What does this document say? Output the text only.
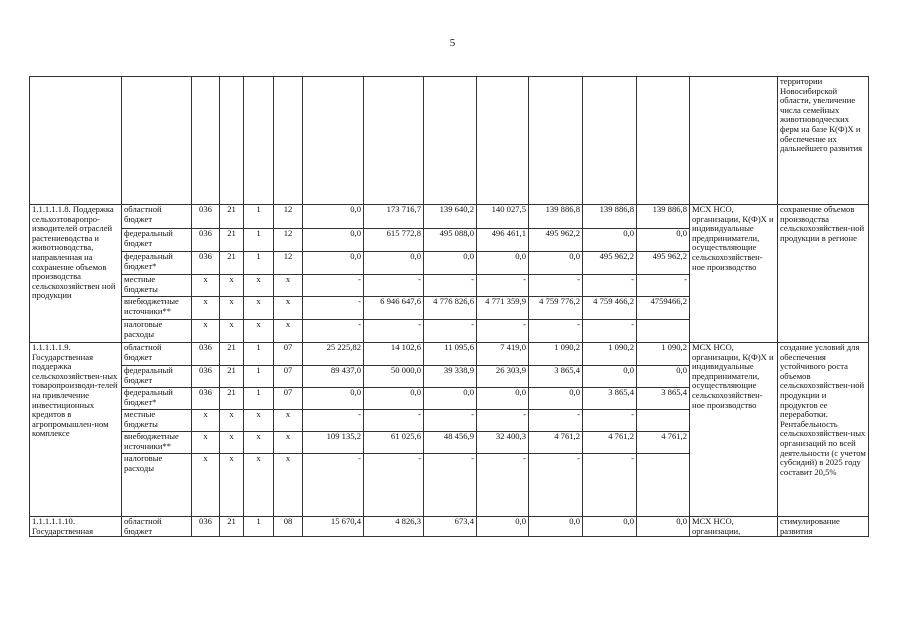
5
														территории Новосибирской области, увеличение числа семейных животноводческих ферм на базе К(Ф)Х и обеспечение их дальнейшего развития
1.1.1.1.1.8. Поддержка сельхозтоваропро-изводителей отраслей растениеводства и животноводства, направленная на сохранение объемов производства сельскохозяйствен ной продукции	областной бюджет	036	21	1	12	0,0	173 716,7	139 640,2	140 027,5	139 886,8	139 886,8	139 886,8	МСХ НСО, организации, К(Ф)Х и индивидуальные предприниматели, осуществляющие сельскохозяйствен-ное производство	сохранение объемов производства сельскохозяйствен-ной продукции в регионе
	федеральный бюджет	036	21	1	12	0,0	615 772,8	495 088,0	496 461,1	495 962,2	0,0	0,0		
	федеральный бюджет*	036	21	1	12	0,0	0,0	0,0	0,0	0,0	495 962,2	495 962,2		
	местные бюджеты	х	х	х	х	-	-	-	-	-	-	-		
	внебюджетные источники**	х	х	х	х	-	6 946 647,6	4 776 826,6	4 771 359,9	4 759 776,2	4 759 466,2	4759466,2		
	налоговые расходы	х	х	х	х	-	-	-	-	-	-			
1.1.1.1.1.9. Государственная поддержка сельскохозяйствен-ных товаропроизводи-телей на привлечение инвестиционных кредитов в агропромышлен-ном комплексе	областной бюджет	036	21	1	07	25 225,82	14 102,6	11 095,6	7 419,0	1 090,2	1 090,2	1 090,2	МСХ НСО, организации, К(Ф)Х и индивидуальные предприниматели, осуществляющие сельскохозяйствен-ное производство	создание условий для обеспечения устойчивого роста объемов сельскохозяйствен-ной продукции и продуктов ее переработки. Рентабельность сельскохозяйствен-ных организаций по всей деятельности (с учетом субсидий) в 2025 году составит 20,5%
	федеральный бюджет	036	21	1	07	89 437,0	50 000,0	39 338,9	26 303,9	3 865,4	0,0	0,0		
	федеральный бюджет*	036	21	1	07	0,0	0,0	0,0	0,0	0,0	3 865,4	3 865,4		
	местные бюджеты	х	х	х	х	-	-	-	-	-	-			
	внебюджетные источники**	х	х	х	х	109 135,2	61 025,6	48 456,9	32 400,3	4 761,2	4 761,2	4 761,2		
	налоговые расходы	х	х	х	х	-	-	-	-	-	-			
1.1.1.1.1.10. Государственная	областной бюджет	036	21	1	08	15 670,4	4 826,3	673,4	0,0	0,0	0,0	0,0	МСХ НСО, организации,	стимулирование развития
